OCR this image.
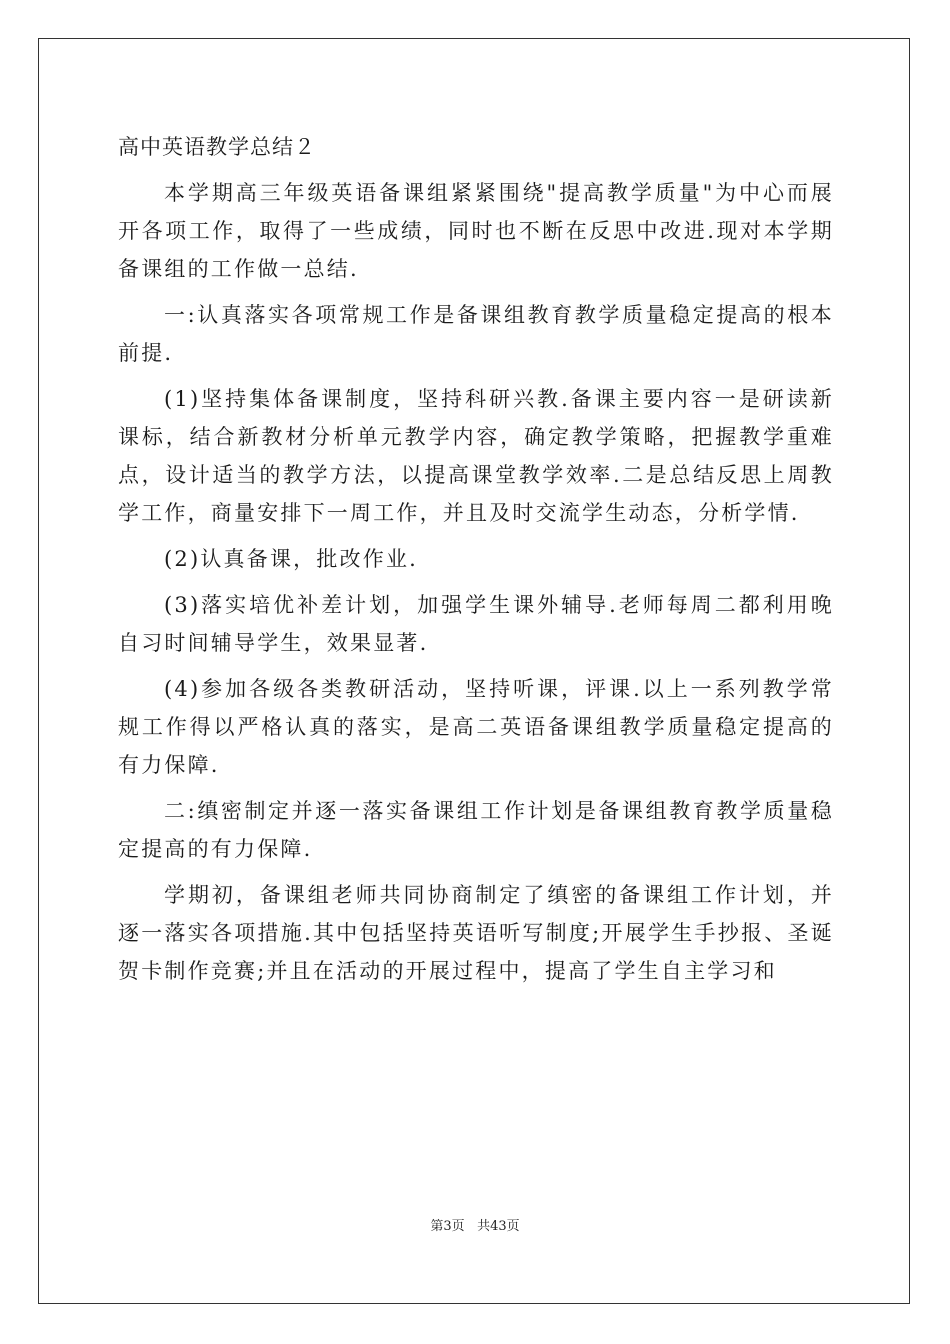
高中英语教学总结２

本学期高三年级英语备课组紧紧围绕"提高教学质量"为中心而展开各项工作，取得了一些成绩，同时也不断在反思中改进.现对本学期备课组的工作做一总结.

一:认真落实各项常规工作是备课组教育教学质量稳定提高的根本前提.

(1)坚持集体备课制度，坚持科研兴教.备课主要内容一是研读新课标，结合新教材分析单元教学内容，确定教学策略，把握教学重难点，设计适当的教学方法，以提高课堂教学效率.二是总结反思上周教学工作，商量安排下一周工作，并且及时交流学生动态，分析学情.

(2)认真备课，批改作业.

(3)落实培优补差计划，加强学生课外辅导.老师每周二都利用晚自习时间辅导学生，效果显著.

(4)参加各级各类教研活动，坚持听课，评课.以上一系列教学常规工作得以严格认真的落实，是高二英语备课组教学质量稳定提高的有力保障.

二:缜密制定并逐一落实备课组工作计划是备课组教育教学质量稳定提高的有力保障.

学期初，备课组老师共同协商制定了缜密的备课组工作计划，并逐一落实各项措施.其中包括坚持英语听写制度;开展学生手抄报、圣诞贺卡制作竞赛;并且在活动的开展过程中，提高了学生自主学习和

第3页 共43页
